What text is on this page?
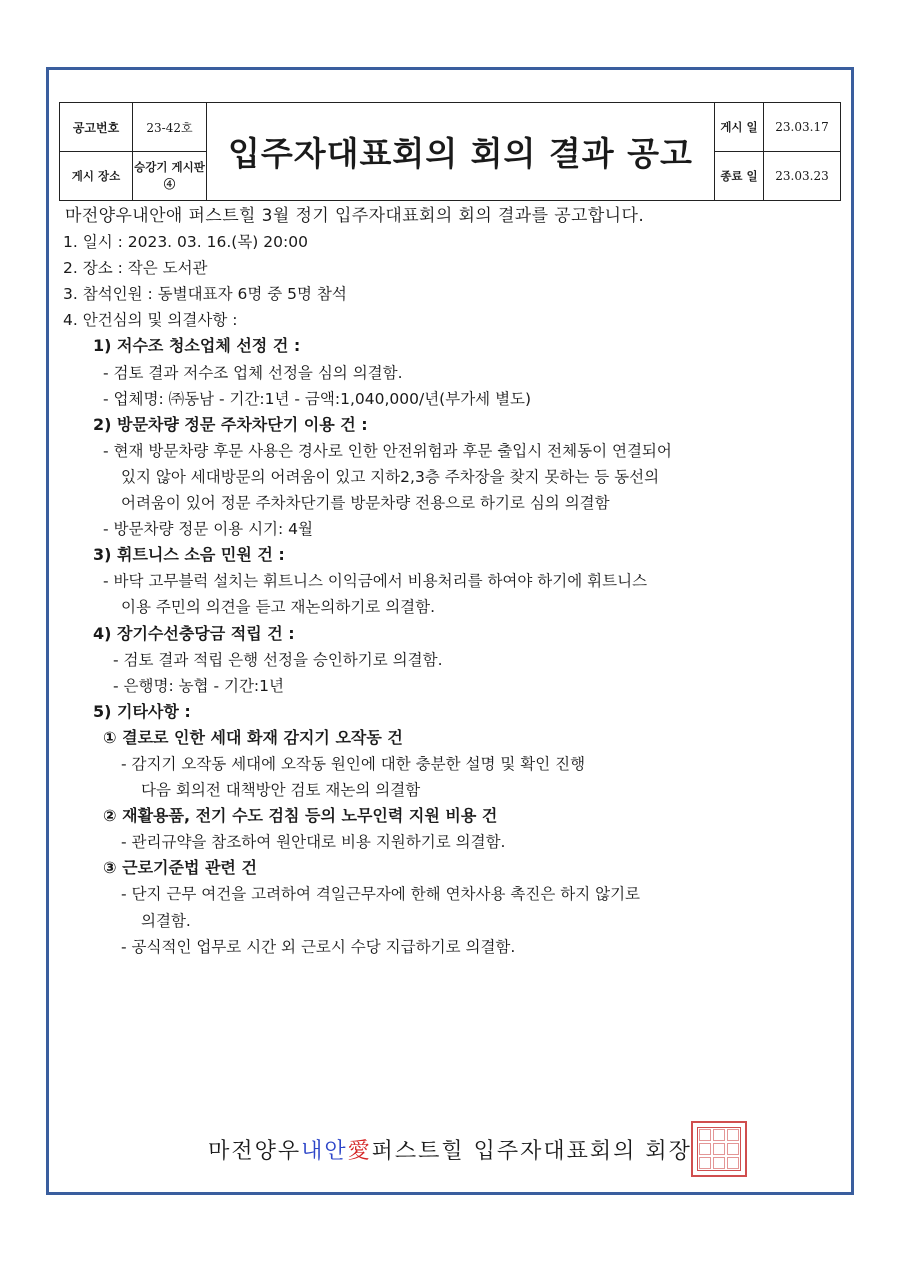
공고번호	23-42호	입주자대표회의 회의 결과 공고	게시 일	23.03.17
게시 장소	승강기 게시판④		종료 일	23.03.23
마전양우내안애 퍼스트힐 3월 정기 입주자대표회의 회의 결과를 공고합니다.
1. 일시 : 2023. 03. 16.(목) 20:00
2. 장소 : 작은 도서관
3. 참석인원 : 동별대표자 6명 중 5명 참석
4. 안건심의 및 의결사항 :
1) 저수조 청소업체 선정 건 :
- 검토 결과 저수조 업체 선정을 심의 의결함.
- 업체명: ㈜동남 - 기간:1년 - 금액:1,040,000/년(부가세 별도)
2) 방문차량 정문 주차차단기 이용 건 :
- 현재 방문차량 후문 사용은 경사로 인한 안전위험과 후문 출입시 전체동이 연결되어
있지 않아 세대방문의 어려움이 있고 지하2,3층 주차장을 찾지 못하는 등 동선의
어려움이 있어 정문 주차차단기를 방문차량 전용으로 하기로 심의 의결함
- 방문차량 정문 이용 시기: 4월
3) 휘트니스 소음 민원 건 :
- 바닥 고무블럭 설치는 휘트니스 이익금에서 비용처리를 하여야 하기에 휘트니스
이용 주민의 의견을 듣고 재논의하기로 의결함.
4) 장기수선충당금 적립 건 :
- 검토 결과 적립 은행 선정을 승인하기로 의결함.
- 은행명: 농협 - 기간:1년
5) 기타사항 :
① 결로로 인한 세대 화재 감지기 오작동 건
- 감지기 오작동 세대에 오작동 원인에 대한 충분한 설명 및 확인 진행
다음 회의전 대책방안 검토 재논의 의결함
② 재활용품, 전기 수도 검침 등의 노무인력 지원 비용 건
- 관리규약을 참조하여 원안대로 비용 지원하기로 의결함.
③ 근로기준법 관련 건
- 단지 근무 여건을 고려하여 격일근무자에 한해 연차사용 촉진은 하지 않기로
의결함.
- 공식적인 업무로 시간 외 근로시 수당 지급하기로 의결함.
마전양우내안愛퍼스트힐 입주자대표회의 회장
